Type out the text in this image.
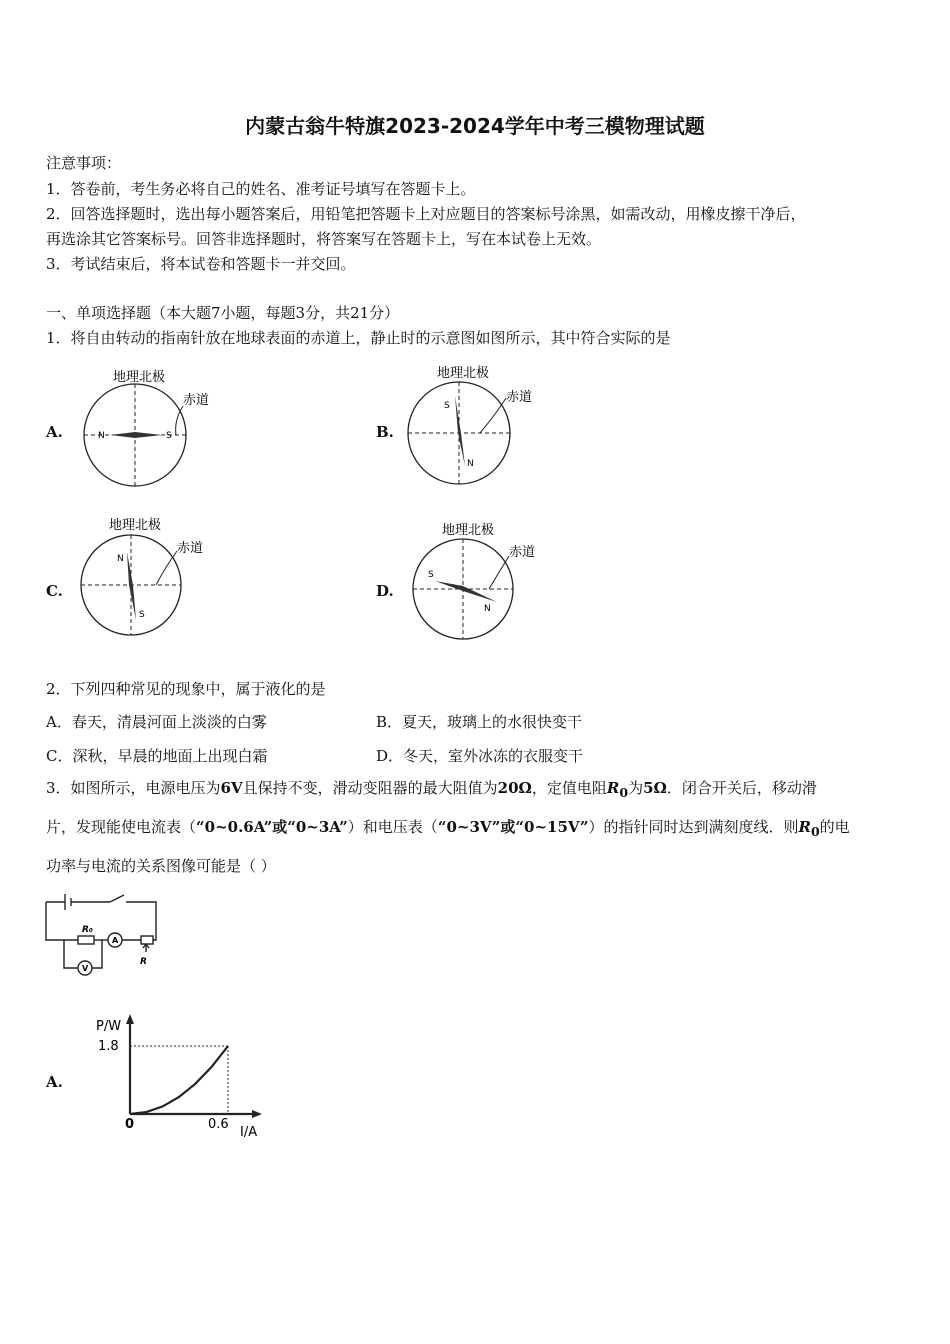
内蒙古翁牛特旗2023-2024学年中考三模物理试题
注意事项：
1．答卷前，考生务必将自己的姓名、准考证号填写在答题卡上。
2．回答选择题时，选出每小题答案后，用铅笔把答题卡上对应题目的答案标号涂黑，如需改动，用橡皮擦干净后，
再选涂其它答案标号。回答非选择题时，将答案写在答题卡上，写在本试卷上无效。
3．考试结束后，将本试卷和答题卡一并交回。
一、单项选择题（本大题7小题，每题3分，共21分）
1．将自由转动的指南针放在地球表面的赤道上，静止时的示意图如图所示，其中符合实际的是
A.	B.
C.	D.
地理北极
N	S
赤道
地理北极
S
N
赤道
地理北极
N
S
赤道
地理北极
S
N
赤道
2．下列四种常见的现象中，属于液化的是
A．春天，清晨河面上淡淡的白雾	B．夏天，玻璃上的水很快变干
C．深秋，早晨的地面上出现白霜	D．冬天，室外冰冻的衣服变干
3．如图所示，电源电压为6V且保持不变，滑动变阻器的最大阻值为20Ω，定值电阻$R_0$为5Ω．闭合开关后，移动滑
片，发现能使电流表（“0~0.6A”或“0~3A”）和电压表（“0~3V”或“0~15V”）的指针同时达到满刻度线．则$R_0$的电
功率与电流的关系图像可能是（ ）
R₀
A
V
R
A.
P/W
1.8
0	0.6
I/A
